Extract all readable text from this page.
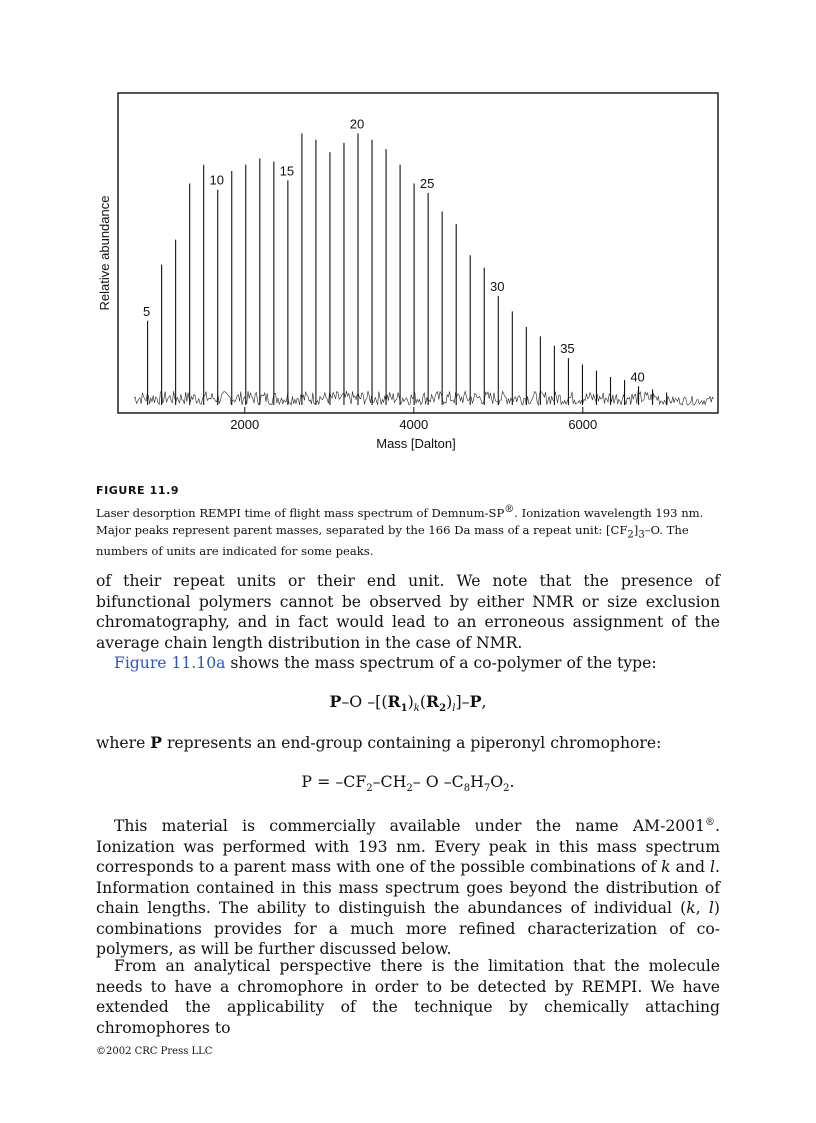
5
10
15
20
25
30
35
40
2000	4000	6000
Mass [Dalton]
Relative abundance
FIGURE 11.9
Laser desorption REMPI time of flight mass spectrum of Demnum-SP®. Ionization wavelength 193 nm. Major peaks represent parent masses, separated by the 166 Da mass of a repeat unit: $[CF_2]_3-O$. The numbers of units are indicated for some peaks.

of their repeat units or their end unit. We note that the presence of bifunctional polymers cannot be observed by either NMR or size exclusion chromatography, and in fact would lead to an erroneous assignment of the average chain length distribution in the case of NMR.

Figure 11.10a shows the mass spectrum of a co-polymer of the type:

P–O $-[(R_1)_k(R_2)_l]-P$,

where P represents an end-group containing a piperonyl chromophore:

$P = -CF_2-CH_2-$ O $-C_8H_7O_2$.

This material is commercially available under the name AM-2001®. Ionization was performed with 193 nm. Every peak in this mass spectrum corresponds to a parent mass with one of the possible combinations of k and l. Information contained in this mass spectrum goes beyond the distribution of chain lengths. The ability to distinguish the abundances of individual (k, l) combinations provides for a much more refined characterization of co-polymers, as will be further discussed below.

From an analytical perspective there is the limitation that the molecule needs to have a chromophore in order to be detected by REMPI. We have extended the applicability of the technique by chemically attaching chromophores to

©2002 CRC Press LLC
